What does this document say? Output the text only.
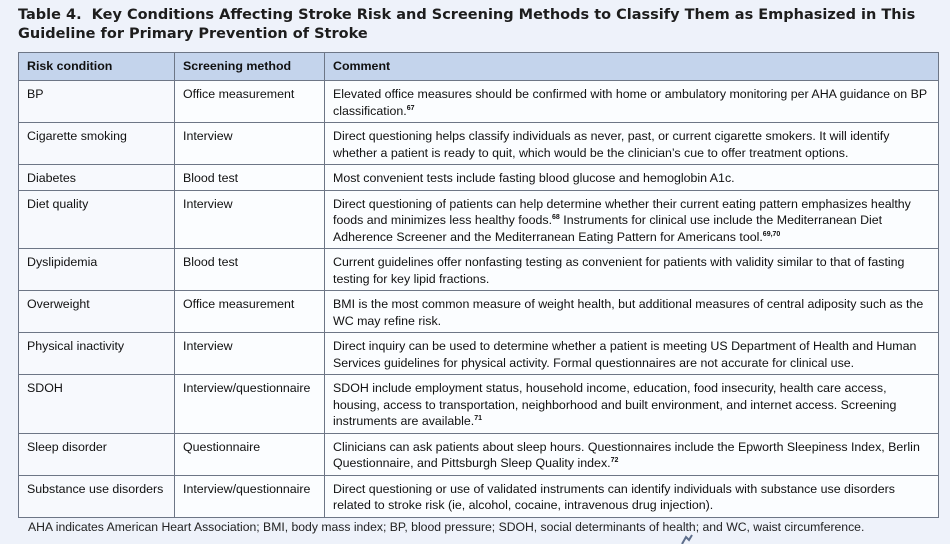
Table 4. Key Conditions Affecting Stroke Risk and Screening Methods to Classify Them as Emphasized in This Guideline for Primary Prevention of Stroke
Risk condition	Screening method	Comment
BP	Office measurement	Elevated office measures should be confirmed with home or ambulatory monitoring per AHA guidance on BP classification.$^{67}$
Cigarette smoking	Interview	Direct questioning helps classify individuals as never, past, or current cigarette smokers. It will identify whether a patient is ready to quit, which would be the clinician’s cue to offer treatment options.
Diabetes	Blood test	Most convenient tests include fasting blood glucose and hemoglobin A1c.
Diet quality	Interview	Direct questioning of patients can help determine whether their current eating pattern emphasizes healthy foods and minimizes less healthy foods.$^{68}$ Instruments for clinical use include the Mediterranean Diet Adherence Screener and the Mediterranean Eating Pattern for Americans tool.$^{69,70}$
Dyslipidemia	Blood test	Current guidelines offer nonfasting testing as convenient for patients with validity similar to that of fasting testing for key lipid fractions.
Overweight	Office measurement	BMI is the most common measure of weight health, but additional measures of central adiposity such as the WC may refine risk.
Physical inactivity	Interview	Direct inquiry can be used to determine whether a patient is meeting US Department of Health and Human Services guidelines for physical activity. Formal questionnaires are not accurate for clinical use.
SDOH	Interview/questionnaire	SDOH include employment status, household income, education, food insecurity, health care access, housing, access to transportation, neighborhood and built environment, and internet access. Screening instruments are available.$^{71}$
Sleep disorder	Questionnaire	Clinicians can ask patients about sleep hours. Questionnaires include the Epworth Sleepiness Index, Berlin Questionnaire, and Pittsburgh Sleep Quality index.$^{72}$
Substance use disorders	Interview/questionnaire	Direct questioning or use of validated instruments can identify individuals with substance use disorders related to stroke risk (ie, alcohol, cocaine, intravenous drug injection).
AHA indicates American Heart Association; BMI, body mass index; BP, blood pressure; SDOH, social determinants of health; and WC, waist circumference.
